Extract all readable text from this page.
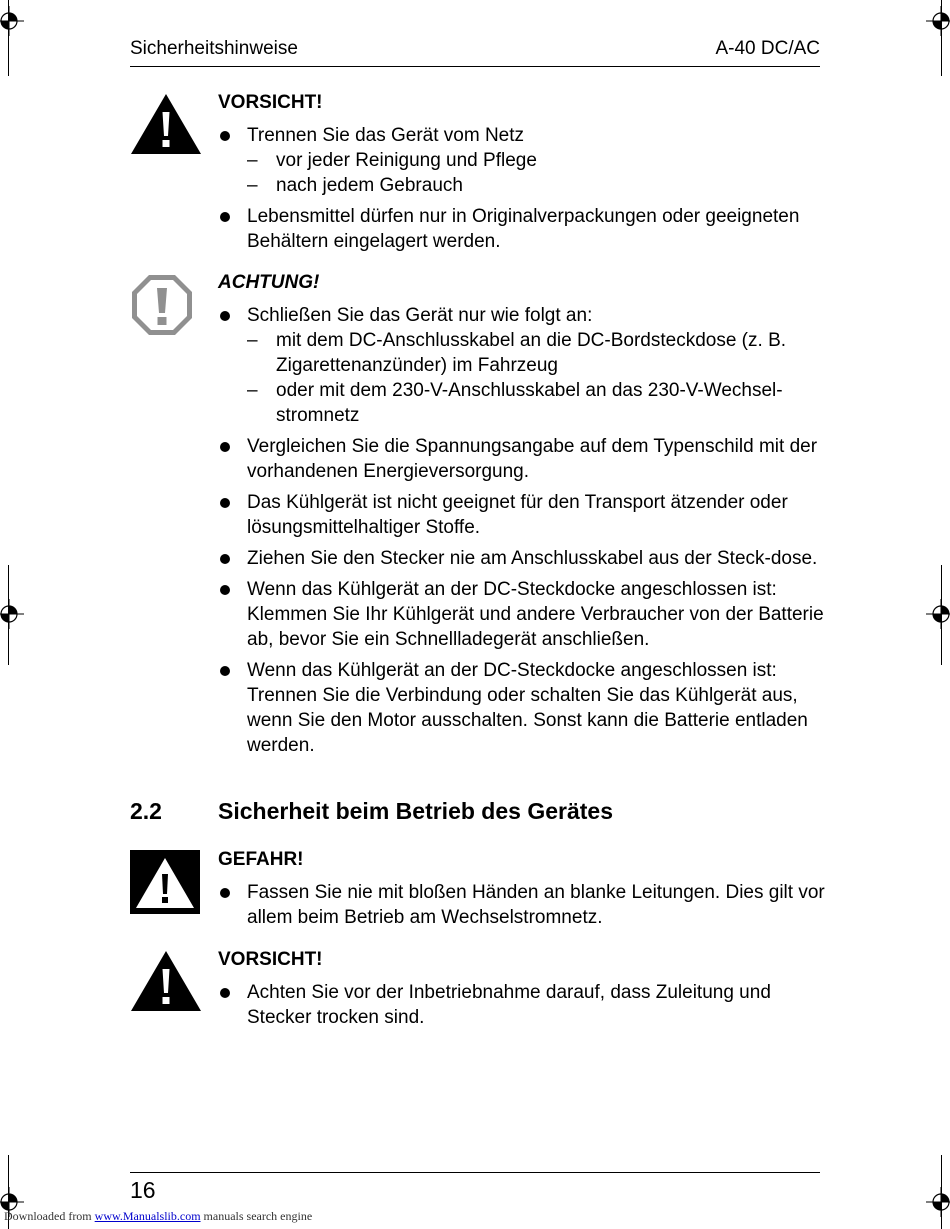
Sicherheitshinweise	A-40 DC/AC
VORSICHT!
Trennen Sie das Gerät vom Netz
– vor jeder Reinigung und Pflege
– nach jedem Gebrauch
Lebensmittel dürfen nur in Originalverpackungen oder geeigneten Behältern eingelagert werden.
ACHTUNG!
Schließen Sie das Gerät nur wie folgt an:
– mit dem DC-Anschlusskabel an die DC-Bordsteckdose (z. B. Zigarettenanzünder) im Fahrzeug
– oder mit dem 230-V-Anschlusskabel an das 230-V-Wechsel-stromnetz
Vergleichen Sie die Spannungsangabe auf dem Typenschild mit der vorhandenen Energieversorgung.
Das Kühlgerät ist nicht geeignet für den Transport ätzender oder lösungsmittelhaltiger Stoffe.
Ziehen Sie den Stecker nie am Anschlusskabel aus der Steck-dose.
Wenn das Kühlgerät an der DC-Steckdocke angeschlossen ist: Klemmen Sie Ihr Kühlgerät und andere Verbraucher von der Batterie ab, bevor Sie ein Schnellladegerät anschließen.
Wenn das Kühlgerät an der DC-Steckdocke angeschlossen ist: Trennen Sie die Verbindung oder schalten Sie das Kühlgerät aus, wenn Sie den Motor ausschalten. Sonst kann die Batterie entladen werden.
2.2 Sicherheit beim Betrieb des Gerätes
GEFAHR!
Fassen Sie nie mit bloßen Händen an blanke Leitungen. Dies gilt vor allem beim Betrieb am Wechselstromnetz.
VORSICHT!
Achten Sie vor der Inbetriebnahme darauf, dass Zuleitung und Stecker trocken sind.
16
Downloaded from www.Manualslib.com manuals search engine
